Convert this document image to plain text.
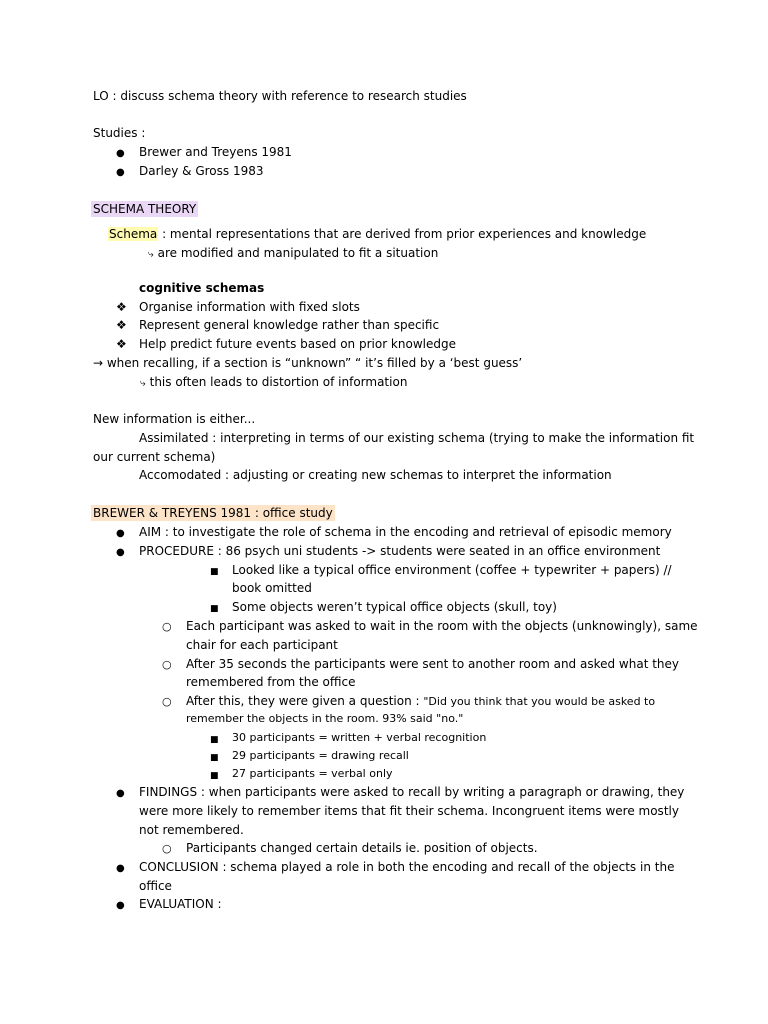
LO : discuss schema theory with reference to research studies
Studies :
●
Brewer and Treyens 1981
●
Darley & Gross 1983
SCHEMA THEORY
Schema : mental representations that are derived from prior experiences and knowledge
⤷ are modified and manipulated to fit a situation
cognitive schemas
❖
Organise information with fixed slots
❖
Represent general knowledge rather than specific
❖
Help predict future events based on prior knowledge
→ when recalling, if a section is “unknown” “ it’s filled by a ‘best guess’
⤷ this often leads to distortion of information
New information is either...
Assimilated : interpreting in terms of our existing schema (trying to make the information fit
our current schema)
Accomodated : adjusting or creating new schemas to interpret the information
BREWER & TREYENS 1981 : office study
●
AIM : to investigate the role of schema in the encoding and retrieval of episodic memory
●
PROCEDURE : 86 psych uni students -> students were seated in an office environment
■
Looked like a typical office environment (coffee + typewriter + papers) //
book omitted
■
Some objects weren’t typical office objects (skull, toy)
○
Each participant was asked to wait in the room with the objects (unknowingly), same
chair for each participant
○
After 35 seconds the participants were sent to another room and asked what they
remembered from the office
○
After this, they were given a question : "Did you think that you would be asked to
remember the objects in the room. 93% said "no."
■
30 participants = written + verbal recognition
■
29 participants = drawing recall
■
27 participants = verbal only
●
FINDINGS : when participants were asked to recall by writing a paragraph or drawing, they
were more likely to remember items that fit their schema. Incongruent items were mostly
not remembered.
○
Participants changed certain details ie. position of objects.
●
CONCLUSION : schema played a role in both the encoding and recall of the objects in the
office
●
EVALUATION :
